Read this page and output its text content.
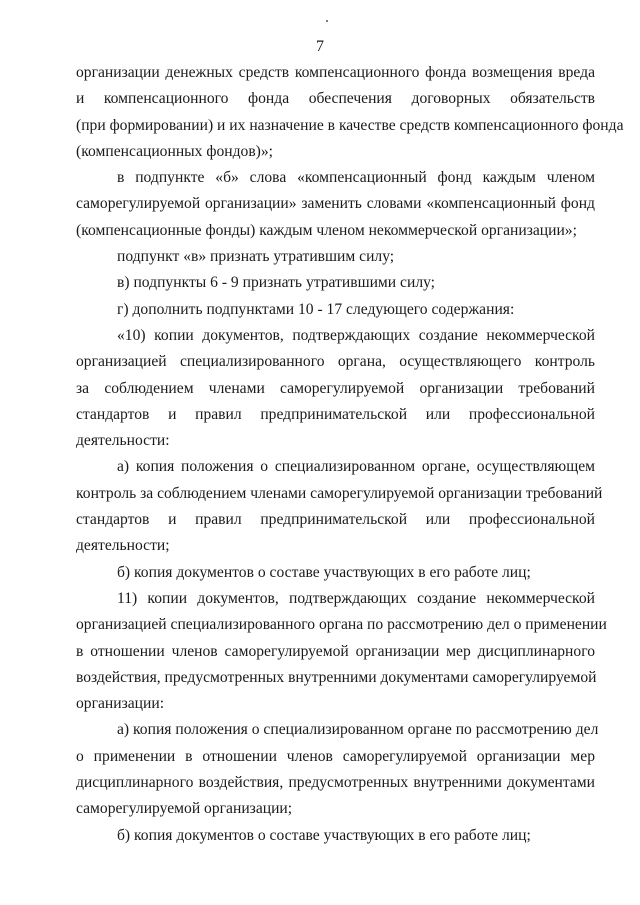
7
организации денежных средств компенсационного фонда возмещения вреда
и компенсационного фонда обеспечения договорных обязательств
(при формировании) и их назначение в качестве средств компенсационного фонда
(компенсационных фондов)»;
в подпункте «б» слова «компенсационный фонд каждым членом
саморегулируемой организации» заменить словами «компенсационный фонд
(компенсационные фонды) каждым членом некоммерческой организации»;
подпункт «в» признать утратившим силу;
в) подпункты 6 - 9 признать утратившими силу;
г) дополнить подпунктами 10 - 17 следующего содержания:
«10) копии документов, подтверждающих создание некоммерческой
организацией специализированного органа, осуществляющего контроль
за соблюдением членами саморегулируемой организации требований
стандартов и правил предпринимательской или профессиональной
деятельности:
а) копия положения о специализированном органе, осуществляющем
контроль за соблюдением членами саморегулируемой организации требований
стандартов и правил предпринимательской или профессиональной
деятельности;
б) копия документов о составе участвующих в его работе лиц;
11) копии документов, подтверждающих создание некоммерческой
организацией специализированного органа по рассмотрению дел о применении
в отношении членов саморегулируемой организации мер дисциплинарного
воздействия, предусмотренных внутренними документами саморегулируемой
организации:
а) копия положения о специализированном органе по рассмотрению дел
о применении в отношении членов саморегулируемой организации мер
дисциплинарного воздействия, предусмотренных внутренними документами
саморегулируемой организации;
б) копия документов о составе участвующих в его работе лиц;
